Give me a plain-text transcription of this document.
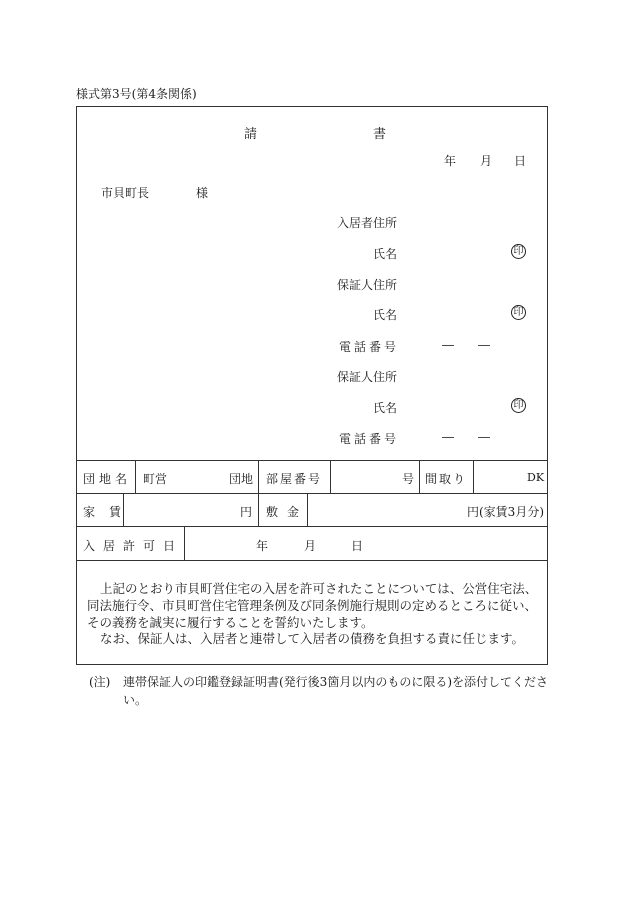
様式第3号(第4条関係)
請	書
年 月 日
市貝町長	様
入居者住所
氏名	印
保証人住所
氏名	印
電話番号	― ―
保証人住所
氏名	印
電話番号	― ―
団地名 町営	団地 部屋番号	号 間取り	DK
家賃	円 敷金	円(家賃3月分)
入居許可日	年	月	日
上記のとおり市貝町営住宅の入居を許可されたことについては、公営住宅法、同法施行令、市貝町営住宅管理条例及び同条例施行規則の定めるところに従い、その義務を誠実に履行することを誓約いたします。
なお、保証人は、入居者と連帯して入居者の債務を負担する責に任じます。
(注) 連帯保証人の印鑑登録証明書(発行後3箇月以内のものに限る)を添付してください。
